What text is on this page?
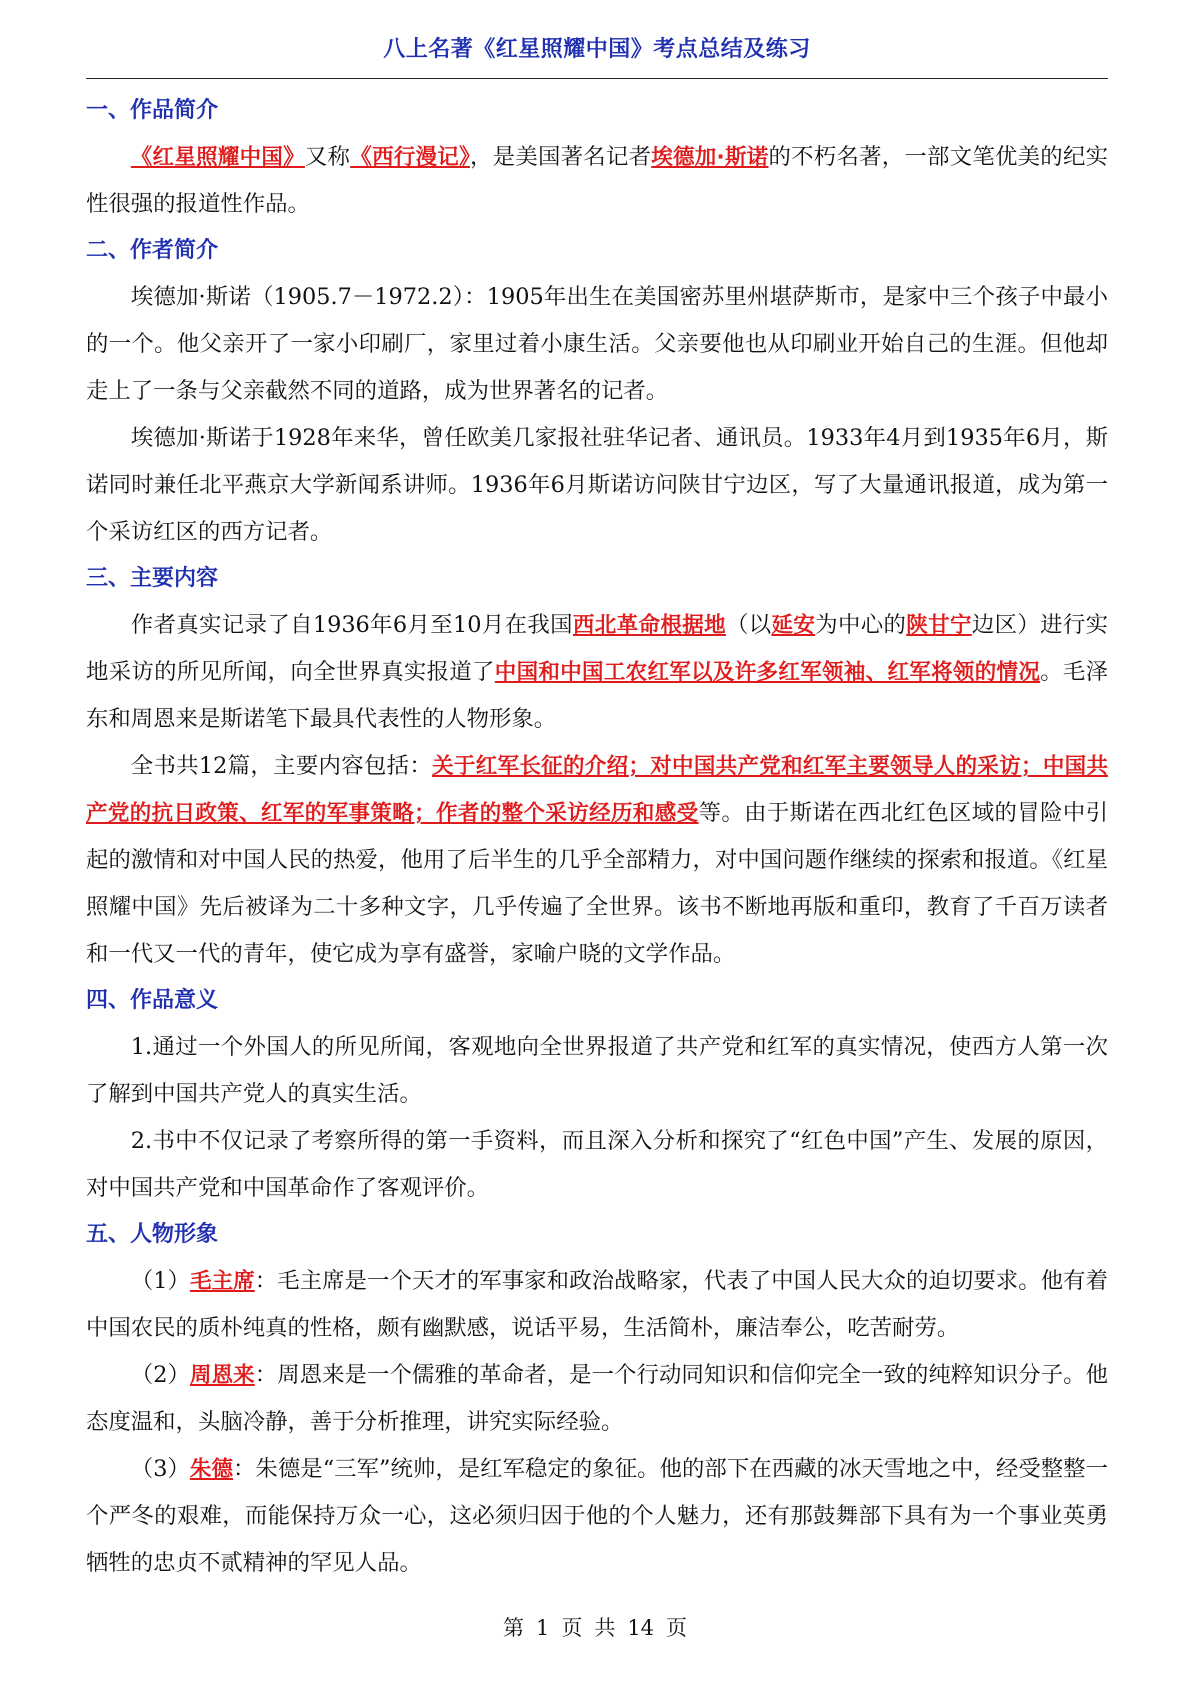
八上名著《红星照耀中国》考点总结及练习
一、作品简介

《红星照耀中国》又称《西行漫记》，是美国著名记者埃德加·斯诺的不朽名著，一部文笔优美的纪实性很强的报道性作品。

二、作者简介

埃德加·斯诺（1905.7－1972.2）：1905年出生在美国密苏里州堪萨斯市，是家中三个孩子中最小的一个。他父亲开了一家小印刷厂，家里过着小康生活。父亲要他也从印刷业开始自己的生涯。但他却走上了一条与父亲截然不同的道路，成为世界著名的记者。

埃德加·斯诺于1928年来华，曾任欧美几家报社驻华记者、通讯员。1933年4月到1935年6月，斯诺同时兼任北平燕京大学新闻系讲师。1936年6月斯诺访问陕甘宁边区，写了大量通讯报道，成为第一个采访红区的西方记者。

三、主要内容

作者真实记录了自1936年6月至10月在我国西北革命根据地（以延安为中心的陕甘宁边区）进行实地采访的所见所闻，向全世界真实报道了中国和中国工农红军以及许多红军领袖、红军将领的情况。毛泽东和周恩来是斯诺笔下最具代表性的人物形象。

全书共12篇，主要内容包括：关于红军长征的介绍；对中国共产党和红军主要领导人的采访；中国共产党的抗日政策、红军的军事策略；作者的整个采访经历和感受等。由于斯诺在西北红色区域的冒险中引起的激情和对中国人民的热爱，他用了后半生的几乎全部精力，对中国问题作继续的探索和报道。《红星照耀中国》先后被译为二十多种文字，几乎传遍了全世界。该书不断地再版和重印，教育了千百万读者和一代又一代的青年，使它成为享有盛誉，家喻户晓的文学作品。

四、作品意义

1.通过一个外国人的所见所闻，客观地向全世界报道了共产党和红军的真实情况，使西方人第一次了解到中国共产党人的真实生活。

2.书中不仅记录了考察所得的第一手资料，而且深入分析和探究了“红色中国”产生、发展的原因，对中国共产党和中国革命作了客观评价。

五、人物形象

（1）毛主席：毛主席是一个天才的军事家和政治战略家，代表了中国人民大众的迫切要求。他有着中国农民的质朴纯真的性格，颇有幽默感，说话平易，生活简朴，廉洁奉公，吃苦耐劳。

（2）周恩来：周恩来是一个儒雅的革命者，是一个行动同知识和信仰完全一致的纯粹知识分子。他态度温和，头脑冷静，善于分析推理，讲究实际经验。

（3）朱德：朱德是“三军”统帅，是红军稳定的象征。他的部下在西藏的冰天雪地之中，经受整整一个严冬的艰难，而能保持万众一心，这必须归因于他的个人魅力，还有那鼓舞部下具有为一个事业英勇牺牲的忠贞不贰精神的罕见人品。

第 1 页 共 14 页
